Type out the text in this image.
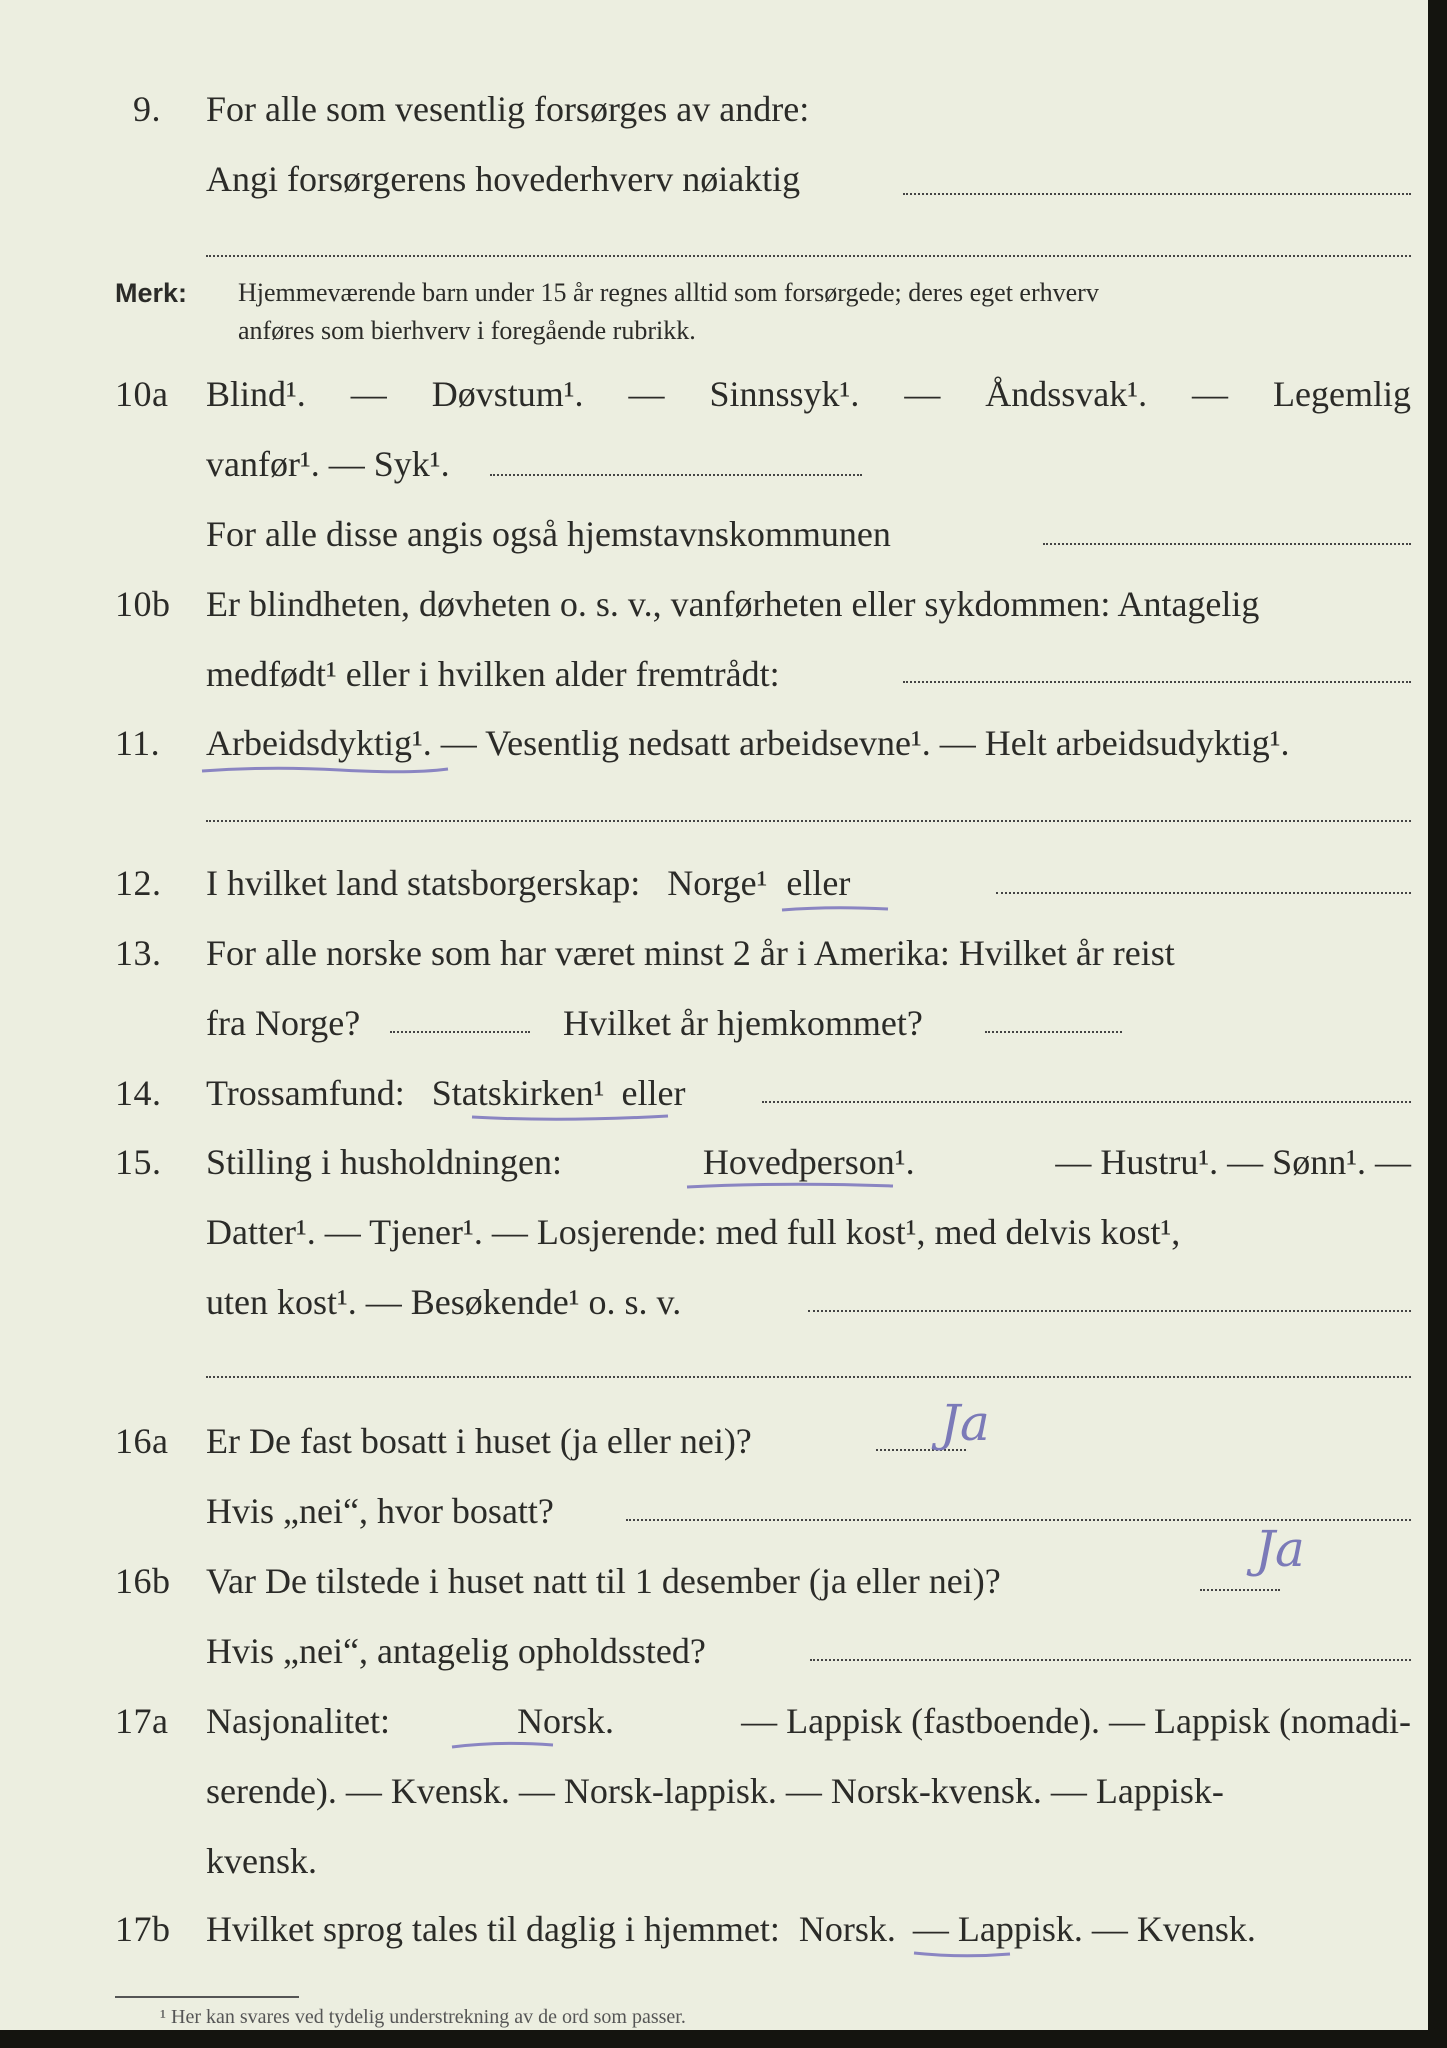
9. For alle som vesentlig forsørges av andre:
Angi forsørgerens hovederhverv nøiaktig
Merk: Hjemmeværende barn under 15 år regnes alltid som forsørgede; deres eget erhverv
anføres som bierhverv i foregående rubrikk.
10a Blind¹. — Døvstum¹. — Sinnssyk¹. — Åndssvak¹. — Legemlig
vanfør¹. — Syk¹.
For alle disse angis også hjemstavnskommunen
10b Er blindheten, døvheten o. s. v., vanførheten eller sykdommen: Antagelig
medfødt¹ eller i hvilken alder fremtrådt:
11. Arbeidsdyktig¹. — Vesentlig nedsatt arbeidsevne¹. — Helt arbeidsudyktig¹.
12. I hvilket land statsborgerskap: Norge¹ eller
13. For alle norske som har været minst 2 år i Amerika: Hvilket år reist
fra Norge?	Hvilket år hjemkommet?
14. Trossamfund: Statskirken¹ eller
15. Stilling i husholdningen:	Hovedperson¹.	— Hustru¹. — Sønn¹. —
Datter¹. — Tjener¹. — Losjerende: med full kost¹, med delvis kost¹,
uten kost¹. — Besøkende¹ o. s. v.
16a Er De fast bosatt i huset (ja eller nei)?	Ja
Hvis „nei“, hvor bosatt?
16b Var De tilstede i huset natt til 1 desember (ja eller nei)?
Ja
Hvis „nei“, antagelig opholdssted?
17a Nasjonalitet:	Norsk.	— Lappisk (fastboende). — Lappisk (nomadi-
serende). — Kvensk. — Norsk-lappisk. — Norsk-kvensk. — Lappisk-
kvensk.
17b Hvilket sprog tales til daglig i hjemmet: Norsk. — Lappisk. — Kvensk.
¹ Her kan svares ved tydelig understrekning av de ord som passer.
